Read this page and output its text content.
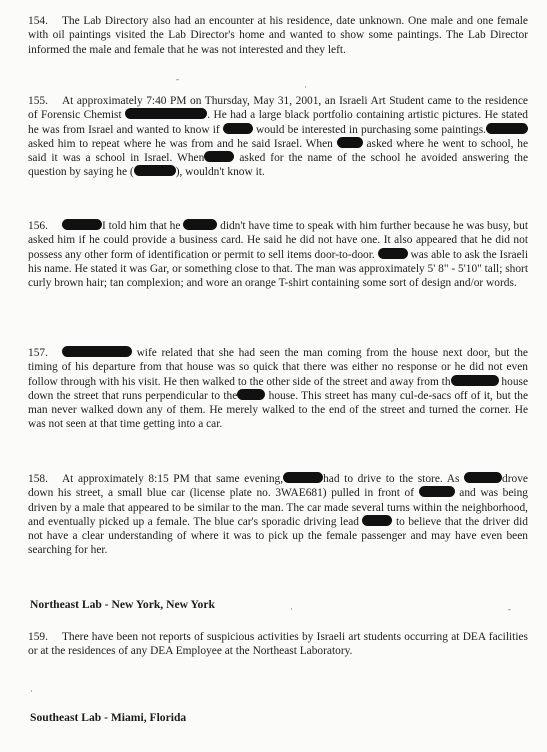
154. The Lab Directory also had an encounter at his residence, date unknown. One male and one female with oil paintings visited the Lab Director's home and wanted to show some paintings. The Lab Director informed the male and female that he was not interested and they left.
155. At approximately 7:40 PM on Thursday, May 31, 2001, an Israeli Art Student came to the residence of Forensic Chemist	. He had a large black portfolio containing artistic pictures. He stated he was from Israel and wanted to know if	would be interested in purchasing some paintings. asked him to repeat where he was from and he said Israel. When	asked where he went to school, he said it was a school in Israel. When	asked for the name of the school he avoided answering the question by saying he (	), wouldn't know it.
156.	I told him that he	didn't have time to speak with him further because he was busy, but asked him if he could provide a business card. He said he did not have one. It also appeared that he did not possess any other form of identification or permit to sell items door-to-door.	was able to ask the Israeli his name. He stated it was Gar, or something close to that. The man was approximately 5' 8" - 5'10" tall; short curly brown hair; tan complexion; and wore an orange T-shirt containing some sort of design and/or words.
157.	wife related that she had seen the man coming from the house next door, but the timing of his departure from that house was so quick that there was either no response or he did not even follow through with his visit. He then walked to the other side of the street and away from th	house down the street that runs perpendicular to the	house. This street has many cul-de-sacs off of it, but the man never walked down any of them. He merely walked to the end of the street and turned the corner. He was not seen at that time getting into a car.
158. At approximately 8:15 PM that same evening,	had to drive to the store. As	drove down his street, a small blue car (license plate no. 3WAE681) pulled in front of	and was being driven by a male that appeared to be similar to the man. The car made several turns within the neighborhood, and eventually picked up a female. The blue car's sporadic driving lead	to believe that the driver did not have a clear understanding of where it was to pick up the female passenger and may have even been searching for her.
Northeast Lab - New York, New York
159. There have been not reports of suspicious activities by Israeli art students occurring at DEA facilities or at the residences of any DEA Employee at the Northeast Laboratory.
Southeast Lab - Miami, Florida
-
·
·	-
·
